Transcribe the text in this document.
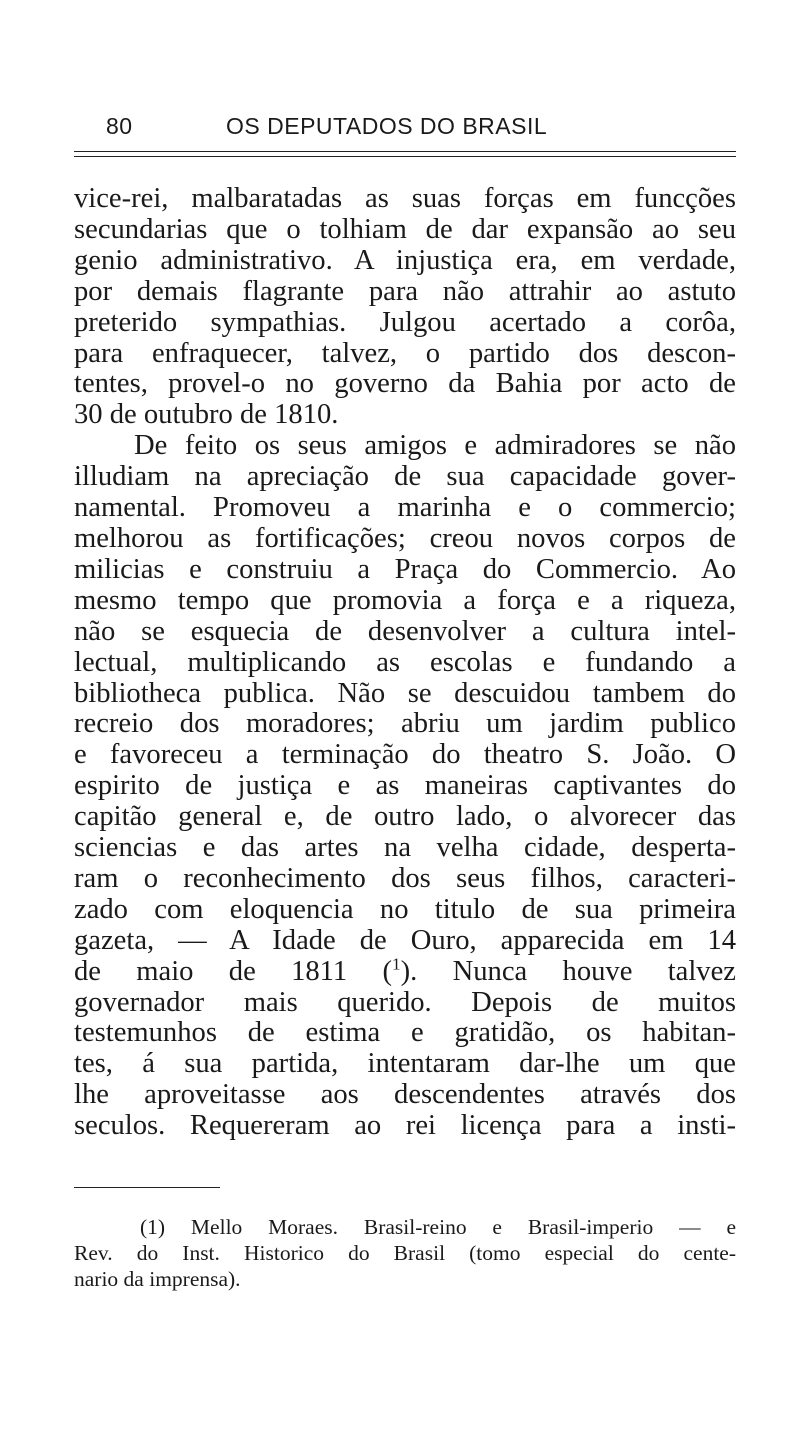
80	OS DEPUTADOS DO BRASIL
vice-rei, malbaratadas as suas forças em funcções
secundarias que o tolhiam de dar expansão ao seu
genio administrativo. A injustiça era, em verdade,
por demais flagrante para não attrahir ao astuto
preterido sympathias. Julgou acertado a corôa,
para enfraquecer, talvez, o partido dos descon-
tentes, provel-o no governo da Bahia por acto de
30 de outubro de 1810.
De feito os seus amigos e admiradores se não
illudiam na apreciação de sua capacidade gover-
namental. Promoveu a marinha e o commercio;
melhorou as fortificações; creou novos corpos de
milicias e construiu a Praça do Commercio. Ao
mesmo tempo que promovia a força e a riqueza,
não se esquecia de desenvolver a cultura intel-
lectual, multiplicando as escolas e fundando a
bibliotheca publica. Não se descuidou tambem do
recreio dos moradores; abriu um jardim publico
e favoreceu a terminação do theatro S. João. O
espirito de justiça e as maneiras captivantes do
capitão general e, de outro lado, o alvorecer das
sciencias e das artes na velha cidade, desperta-
ram o reconhecimento dos seus filhos, caracteri-
zado com eloquencia no titulo de sua primeira
gazeta, — A Idade de Ouro, apparecida em 14
de maio de 1811 ($^1$). Nunca houve talvez
governador mais querido. Depois de muitos
testemunhos de estima e gratidão, os habitan-
tes, á sua partida, intentaram dar-lhe um que
lhe aproveitasse aos descendentes através dos
seculos. Requereram ao rei licença para a insti-
(1) Mello Moraes. Brasil-reino e Brasil-imperio — e
Rev. do Inst. Historico do Brasil (tomo especial do cente-
nario da imprensa).
